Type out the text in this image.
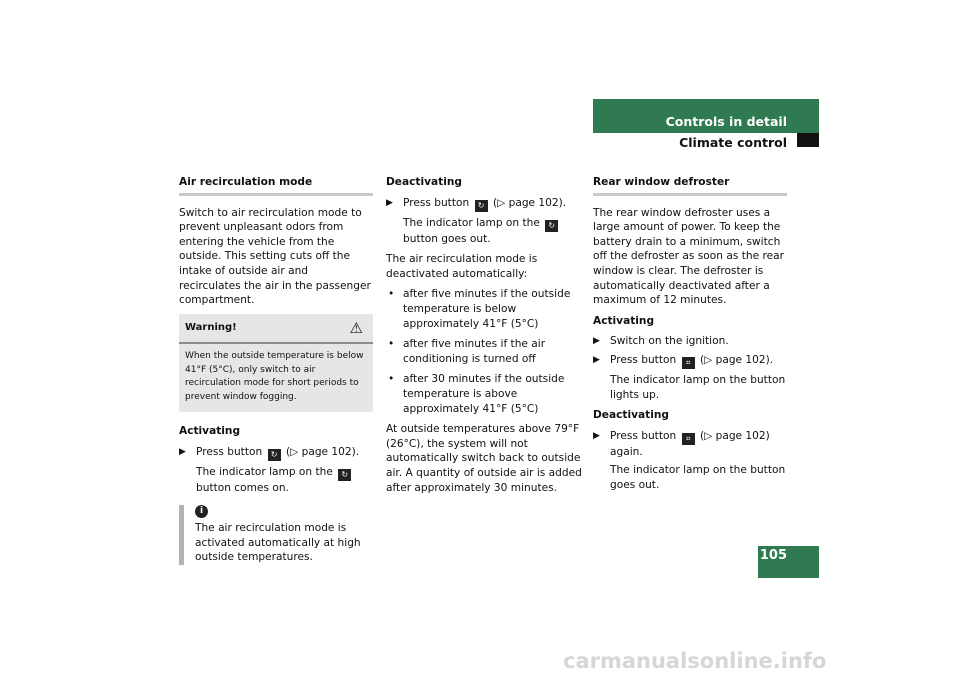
Controls in detail
Climate control

Air recirculation mode

Switch to air recirculation mode to prevent unpleasant odors from entering the vehicle from the outside. This setting cuts off the intake of outside air and recirculates the air in the passenger compartment.

Warning!	⚠
When the outside temperature is below 41°F (5°C), only switch to air recirculation mode for short periods to prevent window fogging.

Activating

▶ Press button ↻ (▷ page 102).

The indicator lamp on the ↻ button comes on.

i

The air recirculation mode is activated automatically at high outside temperatures.

Deactivating

▶ Press button ↻ (▷ page 102).

The indicator lamp on the ↻ button goes out.

The air recirculation mode is deactivated automatically:

• after five minutes if the outside temperature is below approximately 41°F (5°C)

• after five minutes if the air conditioning is turned off

• after 30 minutes if the outside temperature is above approximately 41°F (5°C)

At outside temperatures above 79°F (26°C), the system will not automatically switch back to outside air. A quantity of outside air is added after approximately 30 minutes.

Rear window defroster

The rear window defroster uses a large amount of power. To keep the battery drain to a minimum, switch off the defroster as soon as the rear window is clear. The defroster is automatically deactivated after a maximum of 12 minutes.

Activating

▶ Switch on the ignition.

▶ Press button ⌗ (▷ page 102).

The indicator lamp on the button lights up.

Deactivating

▶ Press button ⌗ (▷ page 102) again.

The indicator lamp on the button goes out.

105
carmanualsonline.info
